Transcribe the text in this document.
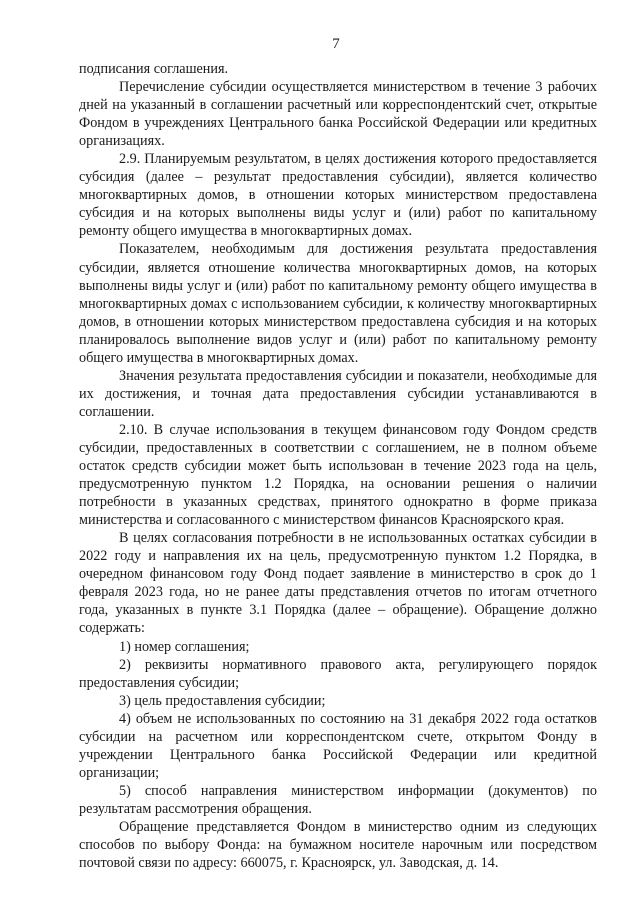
7

подписания соглашения.

Перечисление субсидии осуществляется министерством в течение 3 рабочих дней на указанный в соглашении расчетный или корреспондентский счет, открытые Фондом в учреждениях Центрального банка Российской Федерации или кредитных организациях.

2.9. Планируемым результатом, в целях достижения которого предоставляется субсидия (далее – результат предоставления субсидии), является количество многоквартирных домов, в отношении которых министерством предоставлена субсидия и на которых выполнены виды услуг и (или) работ по капитальному ремонту общего имущества в многоквартирных домах.

Показателем, необходимым для достижения результата предоставления субсидии, является отношение количества многоквартирных домов, на которых выполнены виды услуг и (или) работ по капитальному ремонту общего имущества в многоквартирных домах с использованием субсидии, к количеству многоквартирных домов, в отношении которых министерством предоставлена субсидия и на которых планировалось выполнение видов услуг и (или) работ по капитальному ремонту общего имущества в многоквартирных домах.

Значения результата предоставления субсидии и показатели, необходимые для их достижения, и точная дата предоставления субсидии устанавливаются в соглашении.

2.10. В случае использования в текущем финансовом году Фондом средств субсидии, предоставленных в соответствии с соглашением, не в полном объеме остаток средств субсидии может быть использован в течение 2023 года на цель, предусмотренную пунктом 1.2 Порядка, на основании решения о наличии потребности в указанных средствах, принятого однократно в форме приказа министерства и согласованного с министерством финансов Красноярского края.

В целях согласования потребности в не использованных остатках субсидии в 2022 году и направления их на цель, предусмотренную пунктом 1.2 Порядка, в очередном финансовом году Фонд подает заявление в министерство в срок до 1 февраля 2023 года, но не ранее даты представления отчетов по итогам отчетного года, указанных в пункте 3.1 Порядка (далее – обращение). Обращение должно содержать:

1) номер соглашения;

2) реквизиты нормативного правового акта, регулирующего порядок предоставления субсидии;

3) цель предоставления субсидии;

4) объем не использованных по состоянию на 31 декабря 2022 года остатков субсидии на расчетном или корреспондентском счете, открытом Фонду в учреждении Центрального банка Российской Федерации или кредитной организации;

5) способ направления министерством информации (документов) по результатам рассмотрения обращения.

Обращение представляется Фондом в министерство одним из следующих способов по выбору Фонда: на бумажном носителе нарочным или посредством почтовой связи по адресу: 660075, г. Красноярск, ул. Заводская, д. 14.
